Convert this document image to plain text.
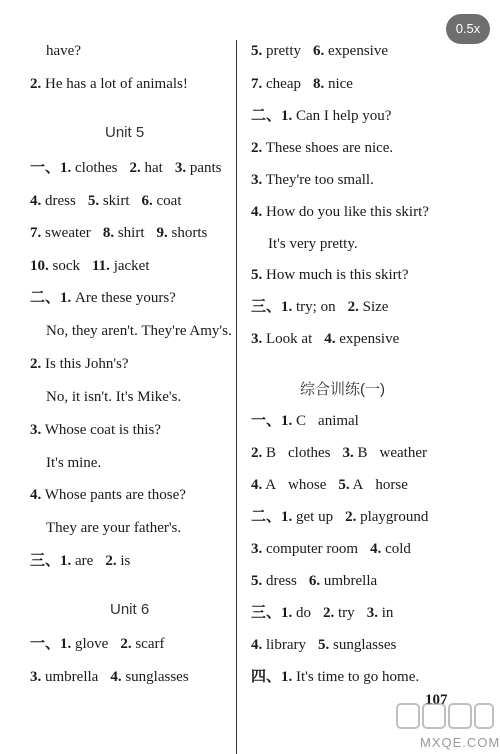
0.5x
have?
2. He has a lot of animals!
Unit 5
一、1. clothes 2. hat 3. pants
4. dress 5. skirt 6. coat
7. sweater 8. shirt 9. shorts
10. sock 11. jacket
二、1. Are these yours?
No, they aren't. They're Amy's.
2. Is this John's?
No, it isn't. It's Mike's.
3. Whose coat is this?
It's mine.
4. Whose pants are those?
They are your father's.
三、1. are 2. is
Unit 6
一、1. glove 2. scarf
3. umbrella 4. sunglasses
5. pretty 6. expensive
7. cheap 8. nice
二、1. Can I help you?
2. These shoes are nice.
3. They're too small.
4. How do you like this skirt?
It's very pretty.
5. How much is this skirt?
三、1. try; on 2. Size
3. Look at 4. expensive
综合训练(一)
一、1. C animal
2. B clothes 3. B weather
4. A whose 5. A horse
二、1. get up 2. playground
3. computer room 4. cold
5. dress 6. umbrella
三、1. do 2. try 3. in
4. library 5. sunglasses
四、1. It's time to go home.
107
MXQE.COM
